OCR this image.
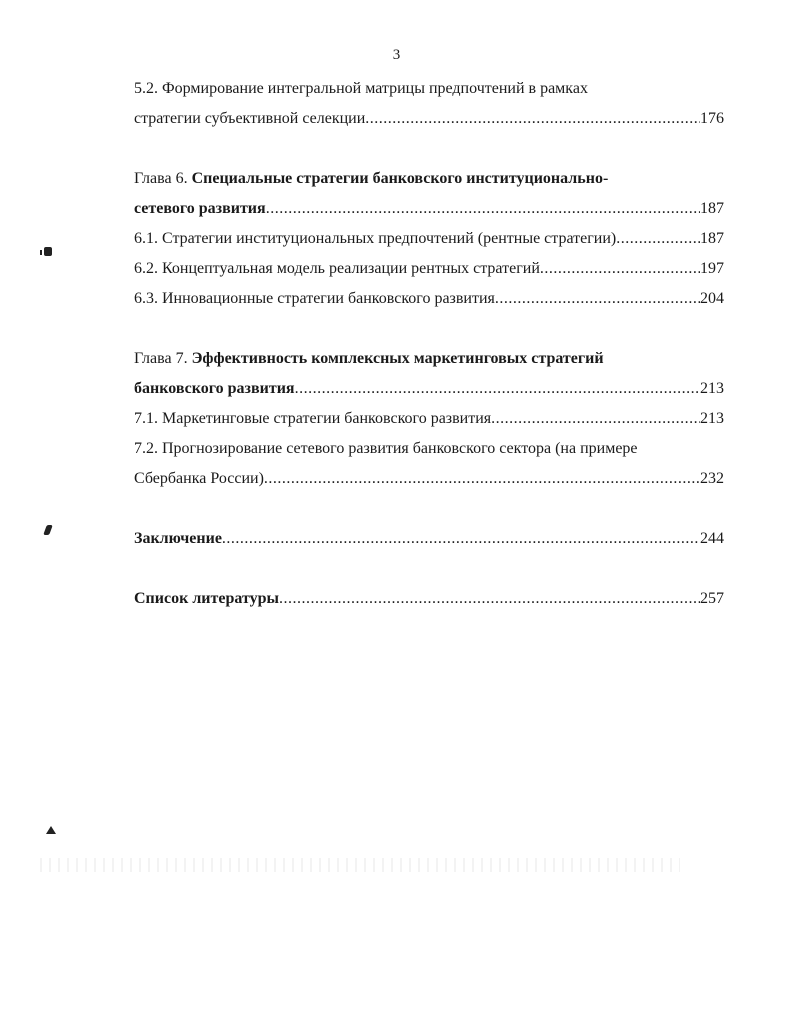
3
5.2. Формирование интегральной матрицы предпочтений в рамках
стратегии субъективной селекции .....	176
Глава 6. Специальные стратегии банковского институционально-
сетевого развития .....	187
6.1. Стратегии институциональных предпочтений (рентные стратегии) .....	187
6.2. Концептуальная модель реализации рентных стратегий .....	197
6.3. Инновационные стратегии банковского развития .....	204
Глава 7. Эффективность комплексных маркетинговых стратегий
банковского развития .....	213
7.1. Маркетинговые стратегии банковского развития .....	213
7.2. Прогнозирование сетевого развития банковского сектора (на примере
Сбербанка России) .....	232
Заключение .....	244
Список литературы .....	257
